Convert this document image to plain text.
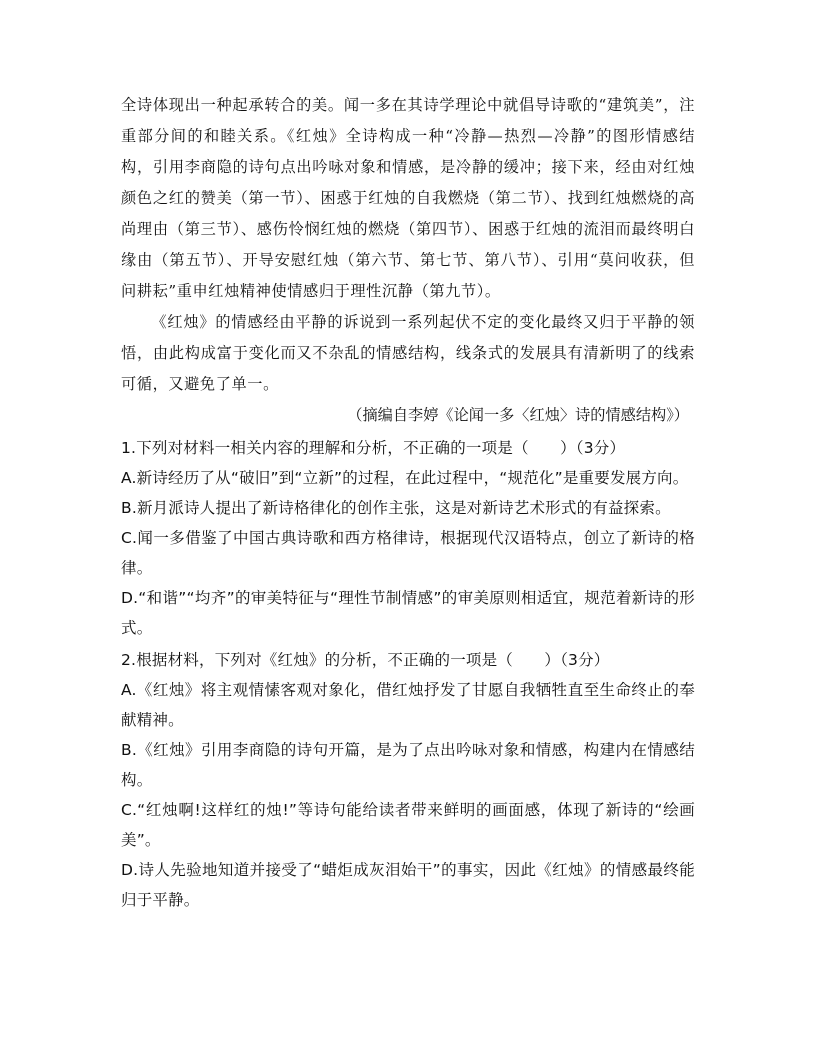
全诗体现出一种起承转合的美。闻一多在其诗学理论中就倡导诗歌的“建筑美”，注重部分间的和睦关系。《红烛》全诗构成一种“冷静—热烈—冷静”的图形情感结构，引用李商隐的诗句点出吟咏对象和情感，是冷静的缓冲；接下来，经由对红烛颜色之红的赞美（第一节）、困惑于红烛的自我燃烧（第二节）、找到红烛燃烧的高尚理由（第三节）、感伤怜悯红烛的燃烧（第四节）、困惑于红烛的流泪而最终明白缘由（第五节）、开导安慰红烛（第六节、第七节、第八节）、引用“莫问收获，但问耕耘”重申红烛精神使情感归于理性沉静（第九节）。

《红烛》的情感经由平静的诉说到一系列起伏不定的变化最终又归于平静的领悟，由此构成富于变化而又不杂乱的情感结构，线条式的发展具有清新明了的线索可循，又避免了单一。

（摘编自李婷《论闻一多〈红烛〉诗的情感结构》）

1.下列对材料一相关内容的理解和分析，不正确的一项是（　　）（3分）

A.新诗经历了从“破旧”到“立新”的过程，在此过程中，“规范化”是重要发展方向。

B.新月派诗人提出了新诗格律化的创作主张，这是对新诗艺术形式的有益探索。

C.闻一多借鉴了中国古典诗歌和西方格律诗，根据现代汉语特点，创立了新诗的格律。

D.“和谐”“均齐”的审美特征与“理性节制情感”的审美原则相适宜，规范着新诗的形式。

2.根据材料，下列对《红烛》的分析，不正确的一项是（　　）（3分）

A.《红烛》将主观情愫客观对象化，借红烛抒发了甘愿自我牺牲直至生命终止的奉献精神。

B.《红烛》引用李商隐的诗句开篇，是为了点出吟咏对象和情感，构建内在情感结构。

C.“红烛啊!这样红的烛!”等诗句能给读者带来鲜明的画面感，体现了新诗的“绘画美”。

D.诗人先验地知道并接受了“蜡炬成灰泪始干”的事实，因此《红烛》的情感最终能归于平静。
